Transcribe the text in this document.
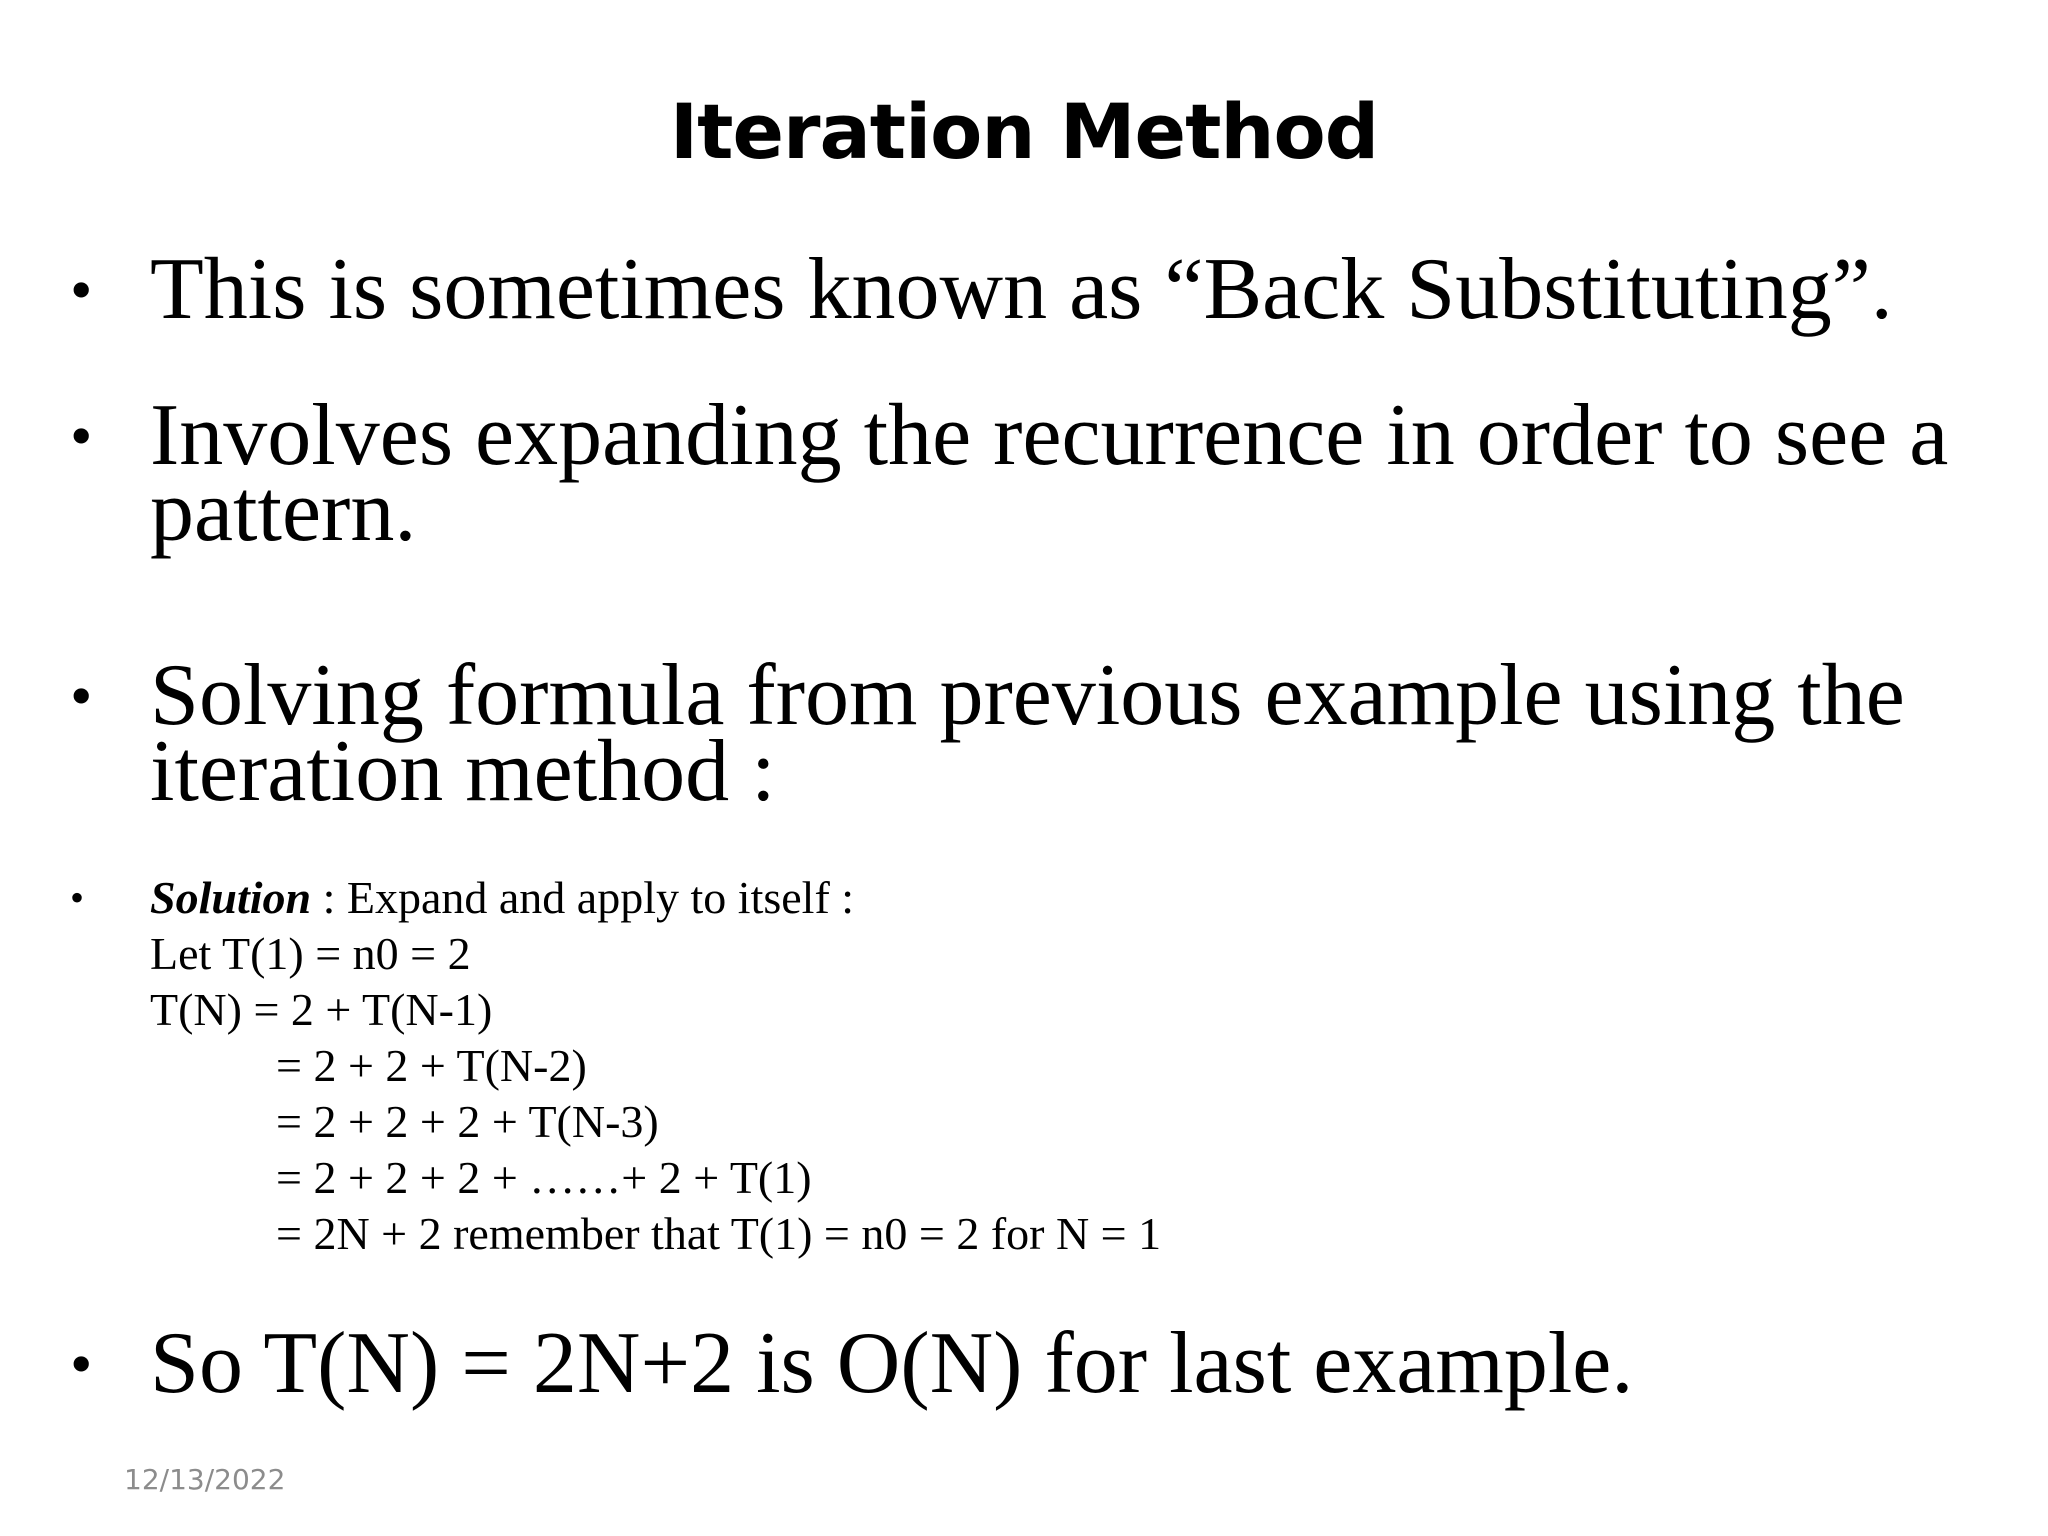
Iteration Method
• This is sometimes known as “Back Substituting”.
• Involves expanding the recurrence in order to see a
pattern.
• Solving formula from previous example using the
iteration method :
• Solution : Expand and apply to itself :
Let T(1) = n0 = 2
T(N) = 2 + T(N-1)
= 2 + 2 + T(N-2)
= 2 + 2 + 2 + T(N-3)
= 2 + 2 + 2 + ……+ 2 + T(1)
= 2N + 2 remember that T(1) = n0 = 2 for N = 1
• So T(N) = 2N+2 is O(N) for last example.
12/13/2022
